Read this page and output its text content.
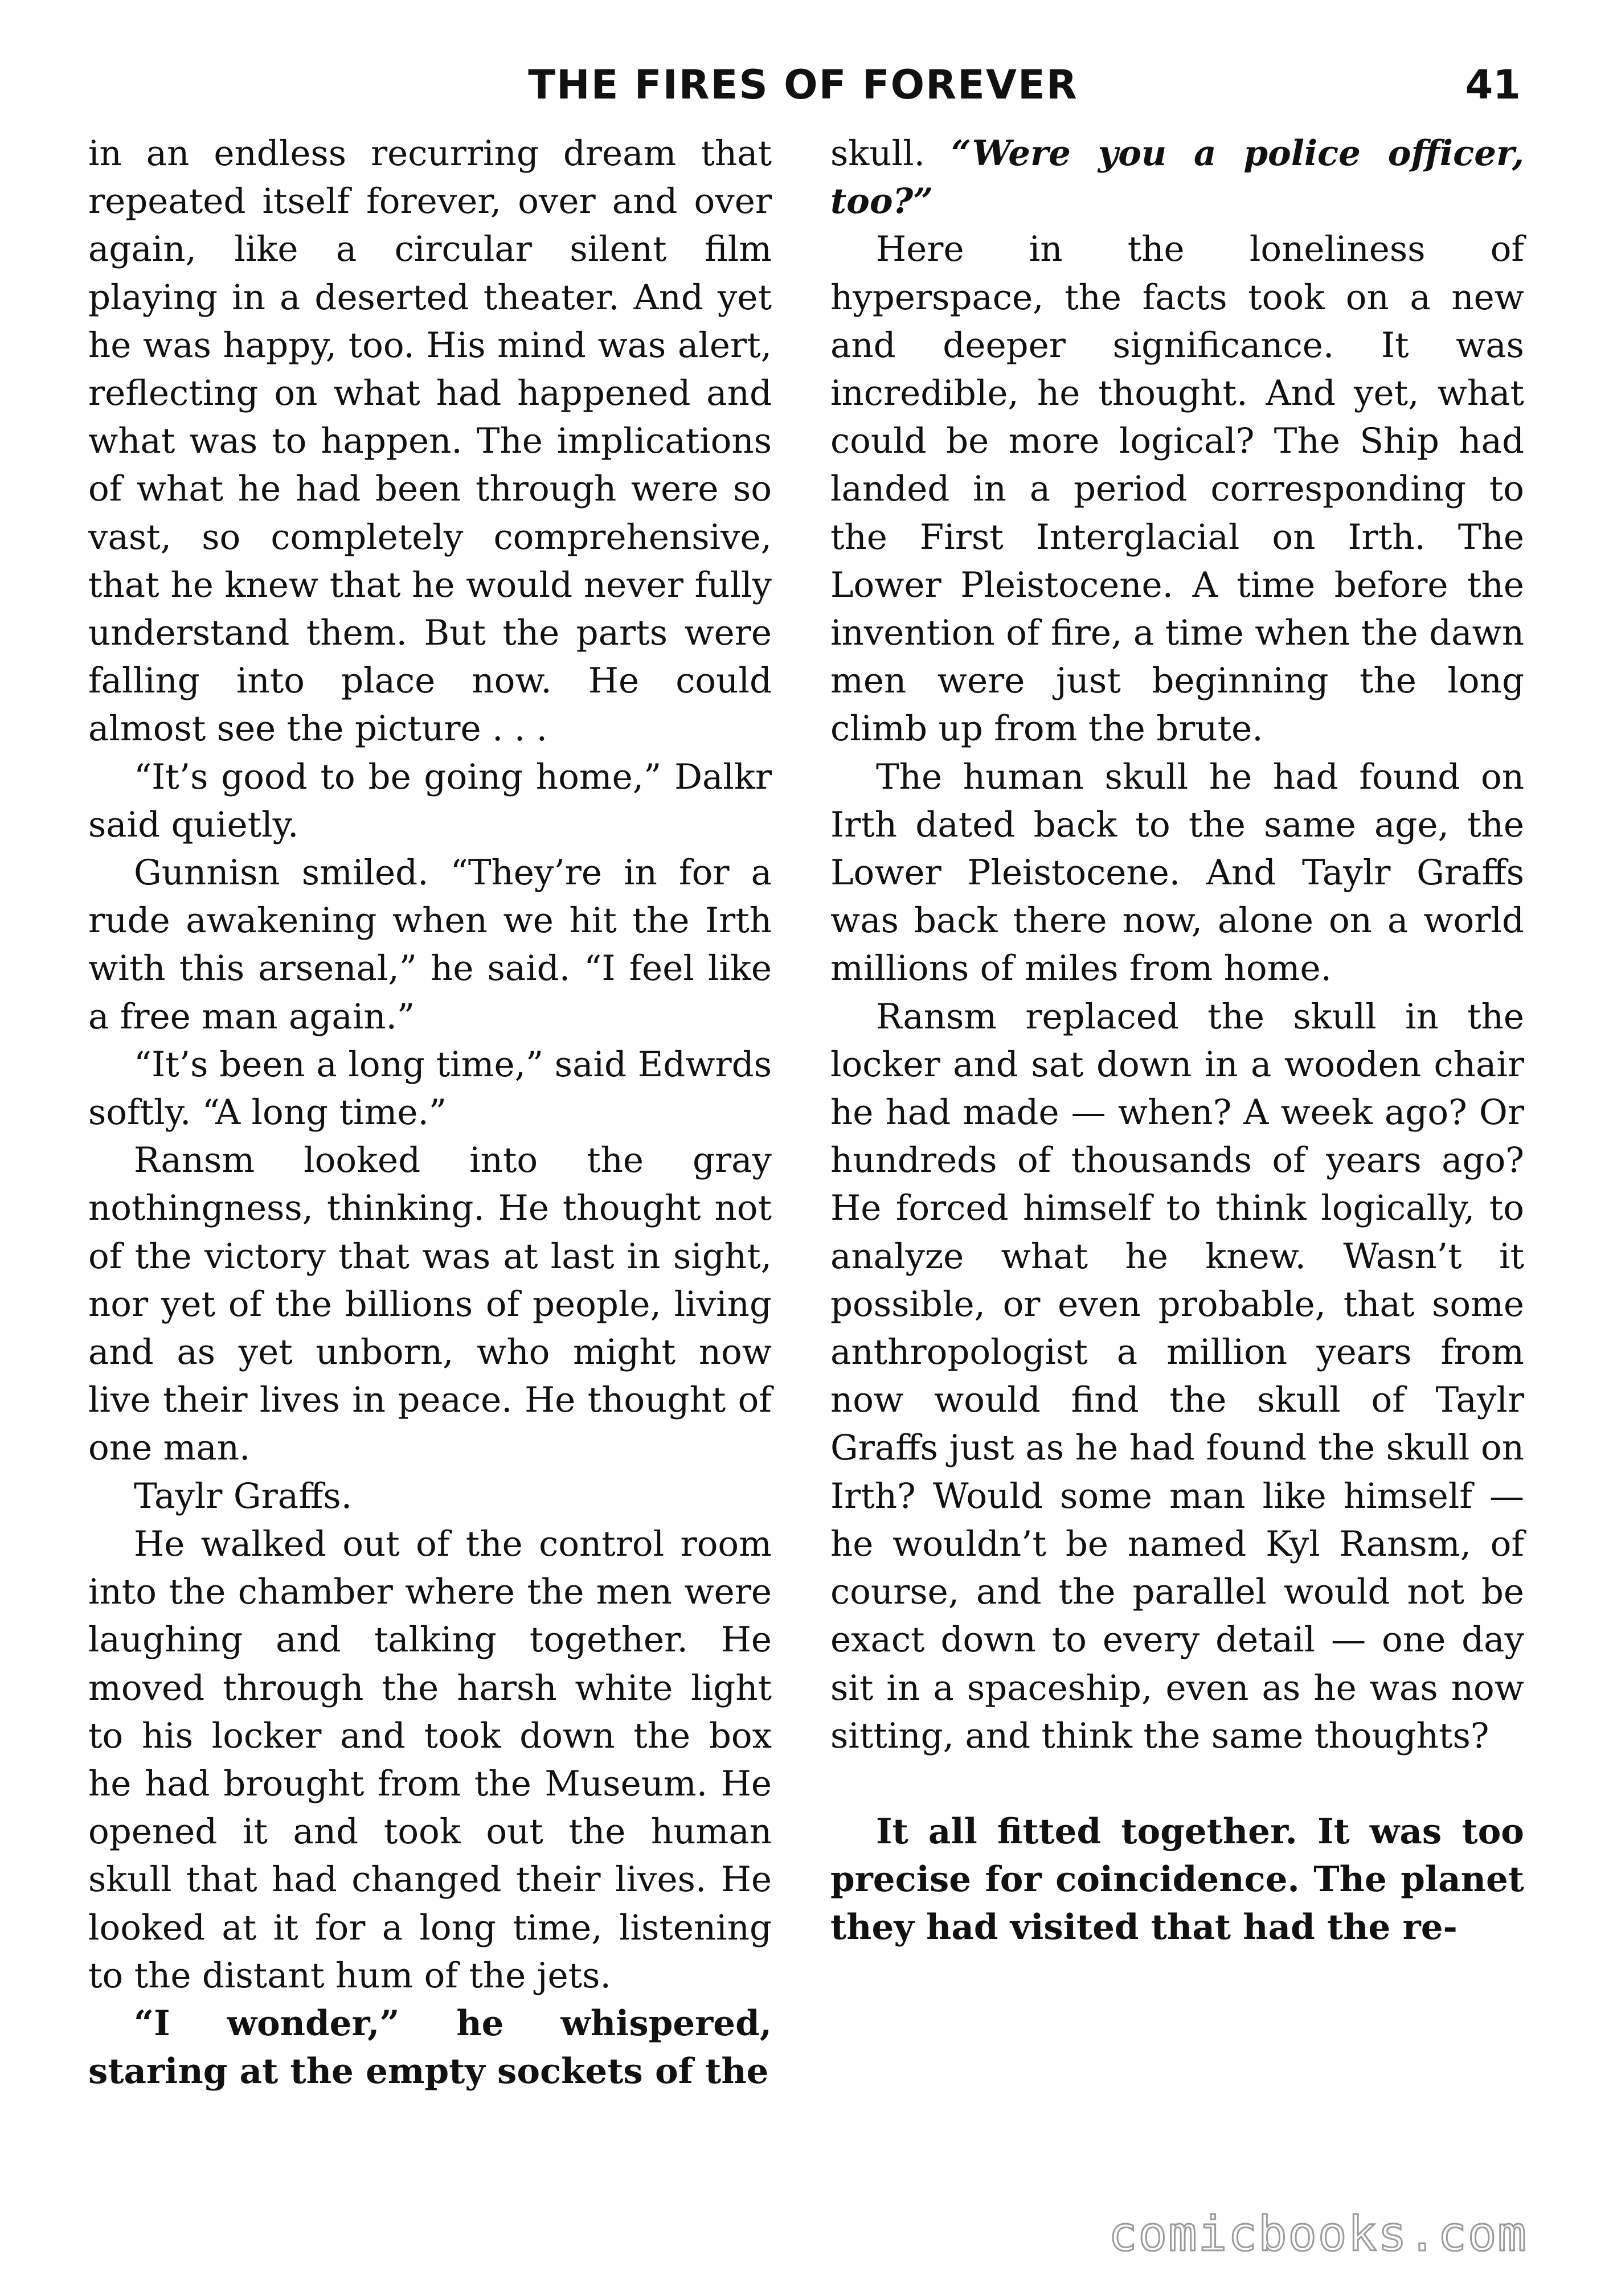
THE FIRES OF FOREVER	41

in an endless recurring dream that repeated itself forever, over and over again, like a circular silent film playing in a deserted theater. And yet he was happy, too. His mind was alert, reflecting on what had happened and what was to happen. The implications of what he had been through were so vast, so completely comprehensive, that he knew that he would never fully understand them. But the parts were falling into place now. He could almost see the picture . . .

“It’s good to be going home,” Dalkr said quietly.

Gunnisn smiled. “They’re in for a rude awakening when we hit the Irth with this arsenal,” he said. “I feel like a free man again.”

“It’s been a long time,” said Edwrds softly. “A long time.”

Ransm looked into the gray nothingness, thinking. He thought not of the victory that was at last in sight, nor yet of the billions of people, living and as yet unborn, who might now live their lives in peace. He thought of one man.

Taylr Graffs.

He walked out of the control room into the chamber where the men were laughing and talking together. He moved through the harsh white light to his locker and took down the box he had brought from the Museum. He opened it and took out the human skull that had changed their lives. He looked at it for a long time, listening to the distant hum of the jets.

“I wonder,” he whispered, staring at the empty sockets of the

skull. “Were you a police officer, too?”

Here in the loneliness of hyperspace, the facts took on a new and deeper significance. It was incredible, he thought. And yet, what could be more logical? The Ship had landed in a period corresponding to the First Interglacial on Irth. The Lower Pleistocene. A time before the invention of fire, a time when the dawn men were just beginning the long climb up from the brute.

The human skull he had found on Irth dated back to the same age, the Lower Pleistocene. And Taylr Graffs was back there now, alone on a world millions of miles from home.

Ransm replaced the skull in the locker and sat down in a wooden chair he had made — when? A week ago? Or hundreds of thousands of years ago? He forced himself to think logically, to analyze what he knew. Wasn’t it possible, or even probable, that some anthropologist a million years from now would find the skull of Taylr Graffs just as he had found the skull on Irth? Would some man like himself — he wouldn’t be named Kyl Ransm, of course, and the parallel would not be exact down to every detail — one day sit in a spaceship, even as he was now sitting, and think the same thoughts?

It all fitted together. It was too precise for coincidence. The planet they had visited that had the re-

comicbooks.com
